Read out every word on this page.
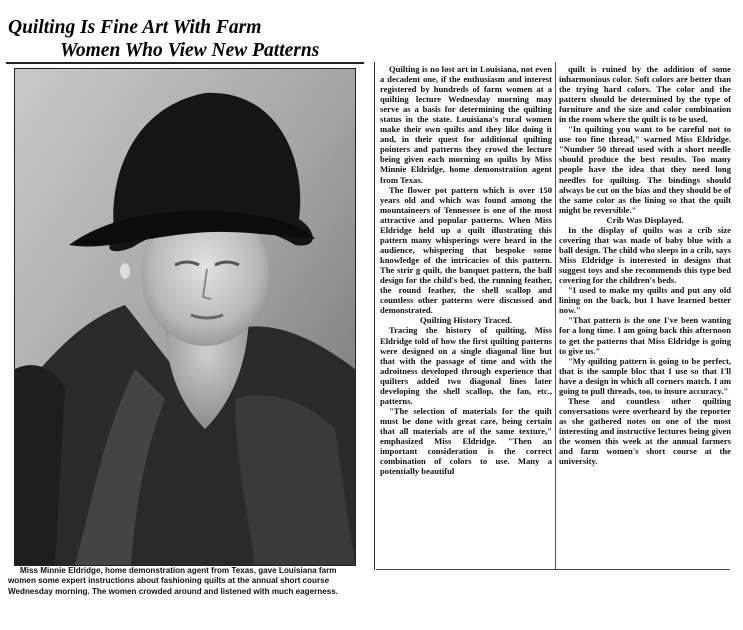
Quilting Is Fine Art With Farm
Women Who View New Patterns

Miss Minnie Eldridge, home demonstration agent from Texas, gave Louisiana farm women some expert instructions about fashioning quilts at the annual short course Wednesday morning. The women crowded around and listened with much eagerness.

Quilting is no lost art in Louisiana, not even a decadent one, if the enthusiasm and interest registered by hundreds of farm women at a quilting lecture Wednesday morning may serve as a basis for determining the quilting status in the state. Louisiana's rural women make their own quilts and they like doing it and, in their quest for additional quilting pointers and patterns they crowd the lecture being given each morning on quilts by Miss Minnie Eldridge, home demonstration agent from Texas.

The flower pot pattern which is over 150 years old and which was found among the mountaineers of Tennessee is one of the most attractive and popular patterns. When Miss Eldridge held up a quilt illustrating this pattern many whisperings were heard in the audience, whispering that bespoke some knowledge of the intricacies of this pattern. The strir g quilt, the banquet pattern, the ball design for the child's bed, the running feather, the round feather, the shell scallop and countless other patterns were discussed and demonstrated.

Quilting History Traced.

Tracing the history of quilting, Miss Eldridge told of how the first quilting patterns were designed on a single diagonal line but that with the passage of time and with the adroitness developed through experience that quilters added two diagonal lines later developing the shell scallop, the fan, etc., patterns.

"The selection of materials for the quilt must be done with great care, being certain that all materials are of the same texture," emphasized Miss Eldridge. "Then an important consideration is the correct combination of colors to use. Many a potentially beautiful

quilt is ruined by the addition of some inharmonious color. Soft colors are better than the trying hard colors. The color and the pattern should be determined by the type of furniture and the size and color combination in the room where the quilt is to be used.

"In quilting you want to be careful not to use too fine thread," warned Miss Eldridge. "Number 50 thread used with a short needle should produce the best results. Too many people have the idea that they need long needles for quilting. The bindings should always be cut on the bias and they should be of the same color as the lining so that the quilt might be reversible."

Crib Was Displayed.

In the display of quilts was a crib size covering that was made of baby blue with a ball design. The child who sleeps in a crib, says Miss Eldridge is interested in designs that suggest toys and she recommends this type bed covering for the children's beds.

"I used to make my quilts and put any old lining on the back, but I have learned better now."

"That pattern is the one I've been wanting for a long time. I am going back this afternoon to get the patterns that Miss Eldridge is going to give us."

"My quilting pattern is going to be perfect, that is the sample bloc that I use so that I'll have a design in which all corners match. I am going to pull threads, too, to insure accuracy."

These and countless other quilting conversations were overheard by the reporter as she gathered notes on one of the most interesting and instructive lectures being given the women this week at the annual farmers and farm women's short course at the university.
